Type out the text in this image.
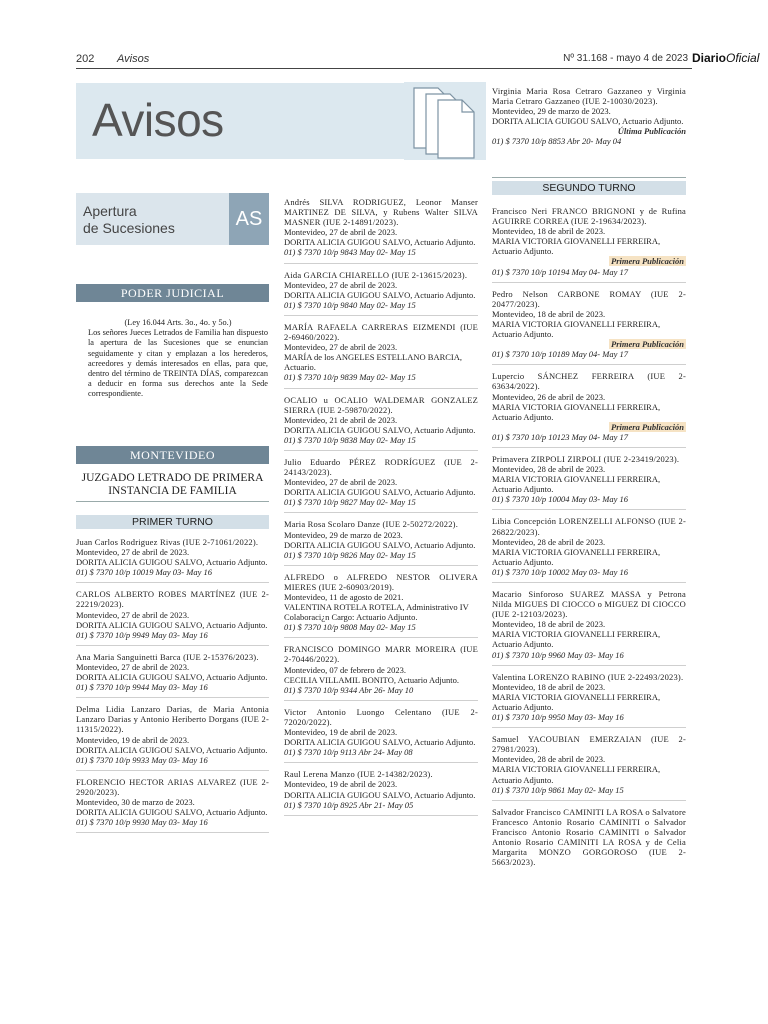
202 Avisos	Nº 31.168 - mayo 4 de 2023 DiarioOficial
Avisos
Apertura
de Sucesiones	AS
PODER JUDICIAL
(Ley 16.044 Arts. 3o., 4o. y 5o.)
Los señores Jueces Letrados de Familia han dispuesto la apertura de las Sucesiones que se enuncian seguidamente y citan y emplazan a los herederos, acreedores y demás interesados en ellas, para que, dentro del término de TREINTA DÍAS, comparezcan a deducir en forma sus derechos ante la Sede correspondiente.
MONTEVIDEO
JUZGADO LETRADO DE PRIMERA
INSTANCIA DE FAMILIA
PRIMER TURNO
Juan Carlos Rodriguez Rivas (IUE 2-71061/2022).
Montevideo, 27 de abril de 2023.
DORITA ALICIA GUIGOU SALVO, Actuario Adjunto.
01) $ 7370 10/p 10019 May 03- May 16
CARLOS ALBERTO ROBES MARTÍNEZ (IUE 2-22219/2023).
Montevideo, 27 de abril de 2023.
DORITA ALICIA GUIGOU SALVO, Actuario Adjunto.
01) $ 7370 10/p 9949 May 03- May 16
Ana Maria Sanguinetti Barca (IUE 2-15376/2023).
Montevideo, 27 de abril de 2023.
DORITA ALICIA GUIGOU SALVO, Actuario Adjunto.
01) $ 7370 10/p 9944 May 03- May 16
Delma Lidia Lanzaro Darias, de Maria Antonia Lanzaro Darias y Antonio Heriberto Dorgans (IUE 2-11315/2022).
Montevideo, 19 de abril de 2023.
DORITA ALICIA GUIGOU SALVO, Actuario Adjunto.
01) $ 7370 10/p 9933 May 03- May 16
FLORENCIO HECTOR ARIAS ALVAREZ (IUE 2-2920/2023).
Montevideo, 30 de marzo de 2023.
DORITA ALICIA GUIGOU SALVO, Actuario Adjunto.
01) $ 7370 10/p 9930 May 03- May 16
Andrés SILVA RODRIGUEZ, Leonor Manser MARTINEZ DE SILVA, y Rubens Walter SILVA MASNER (IUE 2-14891/2023).
Montevideo, 27 de abril de 2023.
DORITA ALICIA GUIGOU SALVO, Actuario Adjunto.
01) $ 7370 10/p 9843 May 02- May 15
Aida GARCIA CHIARELLO (IUE 2-13615/2023).
Montevideo, 27 de abril de 2023.
DORITA ALICIA GUIGOU SALVO, Actuario Adjunto.
01) $ 7370 10/p 9840 May 02- May 15
MARÍA RAFAELA CARRERAS EIZMENDI (IUE 2-69460/2022).
Montevideo, 27 de abril de 2023.
MARÍA de los ANGELES ESTELLANO BARCIA, Actuario.
01) $ 7370 10/p 9839 May 02- May 15
OCALIO u OCALIO WALDEMAR GONZALEZ SIERRA (IUE 2-59870/2022).
Montevideo, 21 de abril de 2023.
DORITA ALICIA GUIGOU SALVO, Actuario Adjunto.
01) $ 7370 10/p 9838 May 02- May 15
Julio Eduardo PÉREZ RODRÍGUEZ (IUE 2-24143/2023).
Montevideo, 27 de abril de 2023.
DORITA ALICIA GUIGOU SALVO, Actuario Adjunto.
01) $ 7370 10/p 9827 May 02- May 15
Maria Rosa Scolaro Danze (IUE 2-50272/2022).
Montevideo, 29 de marzo de 2023.
DORITA ALICIA GUIGOU SALVO, Actuario Adjunto.
01) $ 7370 10/p 9826 May 02- May 15
ALFREDO o ALFREDO NESTOR OLIVERA MIERES (IUE 2-60903/2019).
Montevideo, 11 de agosto de 2021.
VALENTINA ROTELA ROTELA, Administrativo IV Colaboraci¿n Cargo: Actuario Adjunto.
01) $ 7370 10/p 9808 May 02- May 15
FRANCISCO DOMINGO MARR MOREIRA (IUE 2-70446/2022).
Montevideo, 07 de febrero de 2023.
CECILIA VILLAMIL BONITO, Actuario Adjunto.
01) $ 7370 10/p 9344 Abr 26- May 10
Victor Antonio Luongo Celentano (IUE 2-72020/2022).
Montevideo, 19 de abril de 2023.
DORITA ALICIA GUIGOU SALVO, Actuario Adjunto.
01) $ 7370 10/p 9113 Abr 24- May 08
Raul Lerena Manzo (IUE 2-14382/2023).
Montevideo, 19 de abril de 2023.
DORITA ALICIA GUIGOU SALVO, Actuario Adjunto.
01) $ 7370 10/p 8925 Abr 21- May 05
Virginia Maria Rosa Cetraro Gazzaneo y Virginia Maria Cetraro Gazzaneo (IUE 2-10030/2023).
Montevideo, 29 de marzo de 2023.
DORITA ALICIA GUIGOU SALVO, Actuario Adjunto.
Última Publicación
01) $ 7370 10/p 8853 Abr 20- May 04
SEGUNDO TURNO
Francisco Neri FRANCO BRIGNONI y de Rufina AGUIRRE CORREA (IUE 2-19634/2023).
Montevideo, 18 de abril de 2023.
MARIA VICTORIA GIOVANELLI FERREIRA, Actuario Adjunto.
Primera Publicación
01) $ 7370 10/p 10194 May 04- May 17
Pedro Nelson CARBONE ROMAY (IUE 2-20477/2023).
Montevideo, 18 de abril de 2023.
MARIA VICTORIA GIOVANELLI FERREIRA, Actuario Adjunto.
Primera Publicación
01) $ 7370 10/p 10189 May 04- May 17
Lupercio SÁNCHEZ FERREIRA (IUE 2-63634/2022).
Montevideo, 26 de abril de 2023.
MARIA VICTORIA GIOVANELLI FERREIRA, Actuario Adjunto.
Primera Publicación
01) $ 7370 10/p 10123 May 04- May 17
Primavera ZIRPOLI ZIRPOLI (IUE 2-23419/2023).
Montevideo, 28 de abril de 2023.
MARIA VICTORIA GIOVANELLI FERREIRA, Actuario Adjunto.
01) $ 7370 10/p 10004 May 03- May 16
Libia Concepción LORENZELLI ALFONSO (IUE 2-26822/2023).
Montevideo, 28 de abril de 2023.
MARIA VICTORIA GIOVANELLI FERREIRA, Actuario Adjunto.
01) $ 7370 10/p 10002 May 03- May 16
Macario Sinforoso SUAREZ MASSA y Petrona Nilda MIGUES DI CIOCCO o MIGUEZ DI CIOCCO (IUE 2-12103/2023).
Montevideo, 18 de abril de 2023.
MARIA VICTORIA GIOVANELLI FERREIRA, Actuario Adjunto.
01) $ 7370 10/p 9960 May 03- May 16
Valentina LORENZO RABINO (IUE 2-22493/2023).
Montevideo, 18 de abril de 2023.
MARIA VICTORIA GIOVANELLI FERREIRA, Actuario Adjunto.
01) $ 7370 10/p 9950 May 03- May 16
Samuel YACOUBIAN EMERZAIAN (IUE 2-27981/2023).
Montevideo, 28 de abril de 2023.
MARIA VICTORIA GIOVANELLI FERREIRA, Actuario Adjunto.
01) $ 7370 10/p 9861 May 02- May 15
Salvador Francisco CAMINITI LA ROSA o Salvatore Francesco Antonio Rosario CAMINITI o Salvador Francisco Antonio Rosario CAMINITI o Salvador Antonio Rosario CAMINITI LA ROSA y de Celia Margarita MONZO GORGOROSO (IUE 2-5663/2023).
